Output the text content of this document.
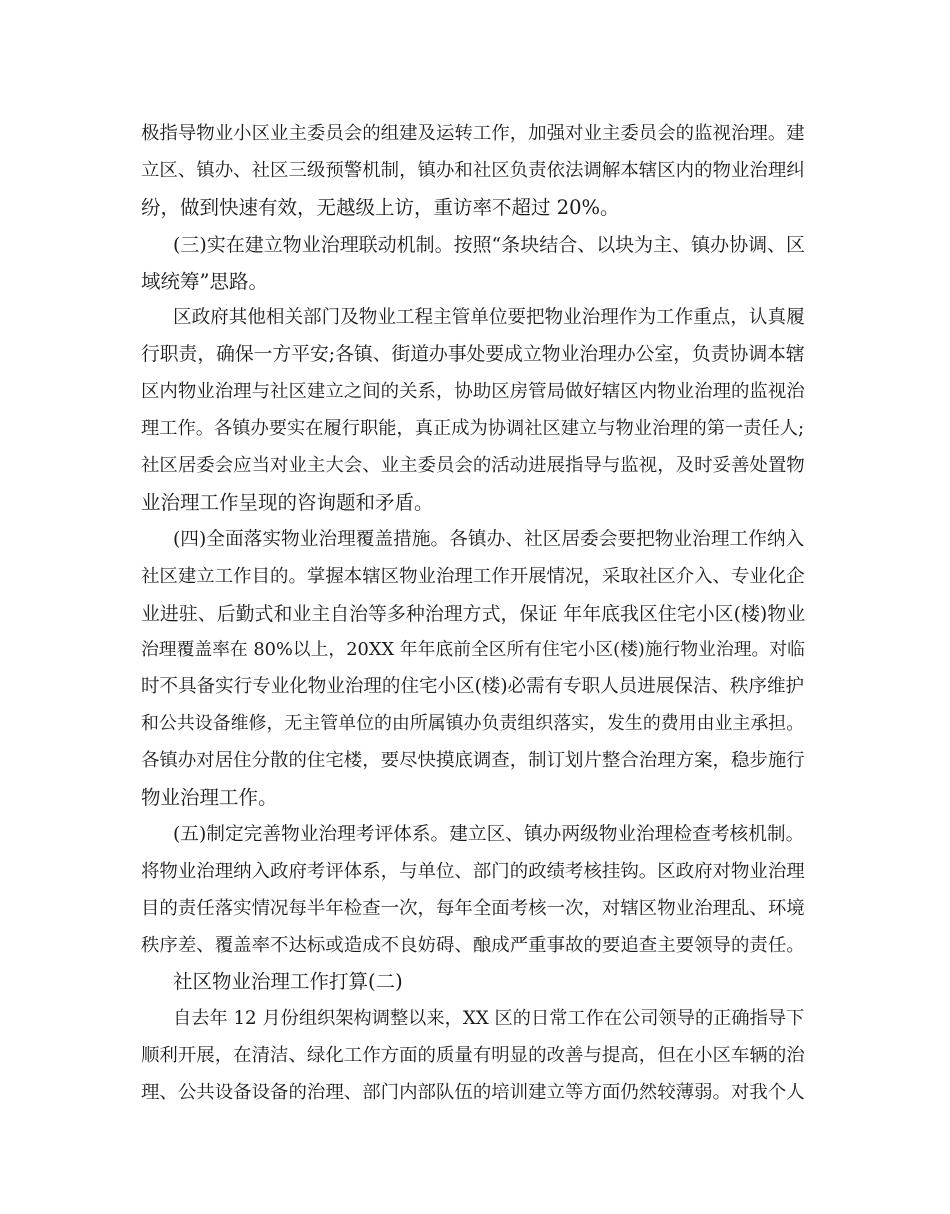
极指导物业小区业主委员会的组建及运转工作，加强对业主委员会的监视治理。建
立区、镇办、社区三级预警机制，镇办和社区负责依法调解本辖区内的物业治理纠
纷，做到快速有效，无越级上访，重访率不超过 20%。
(三)实在建立物业治理联动机制。按照“条块结合、以块为主、镇办协调、区
域统筹”思路。
区政府其他相关部门及物业工程主管单位要把物业治理作为工作重点，认真履
行职责，确保一方平安;各镇、街道办事处要成立物业治理办公室，负责协调本辖
区内物业治理与社区建立之间的关系，协助区房管局做好辖区内物业治理的监视治
理工作。各镇办要实在履行职能，真正成为协调社区建立与物业治理的第一责任人;
社区居委会应当对业主大会、业主委员会的活动进展指导与监视，及时妥善处置物
业治理工作呈现的咨询题和矛盾。
(四)全面落实物业治理覆盖措施。各镇办、社区居委会要把物业治理工作纳入
社区建立工作目的。掌握本辖区物业治理工作开展情况，采取社区介入、专业化企
业进驻、后勤式和业主自治等多种治理方式，保证 年年底我区住宅小区(楼)物业
治理覆盖率在 80%以上，20XX 年年底前全区所有住宅小区(楼)施行物业治理。对临
时不具备实行专业化物业治理的住宅小区(楼)必需有专职人员进展保洁、秩序维护
和公共设备维修，无主管单位的由所属镇办负责组织落实，发生的费用由业主承担。
各镇办对居住分散的住宅楼，要尽快摸底调查，制订划片整合治理方案，稳步施行
物业治理工作。
(五)制定完善物业治理考评体系。建立区、镇办两级物业治理检查考核机制。
将物业治理纳入政府考评体系，与单位、部门的政绩考核挂钩。区政府对物业治理
目的责任落实情况每半年检查一次，每年全面考核一次，对辖区物业治理乱、环境
秩序差、覆盖率不达标或造成不良妨碍、酿成严重事故的要追查主要领导的责任。
社区物业治理工作打算(二)
自去年 12 月份组织架构调整以来，XX 区的日常工作在公司领导的正确指导下
顺利开展，在清洁、绿化工作方面的质量有明显的改善与提高，但在小区车辆的治
理、公共设备设备的治理、部门内部队伍的培训建立等方面仍然较薄弱。对我个人
